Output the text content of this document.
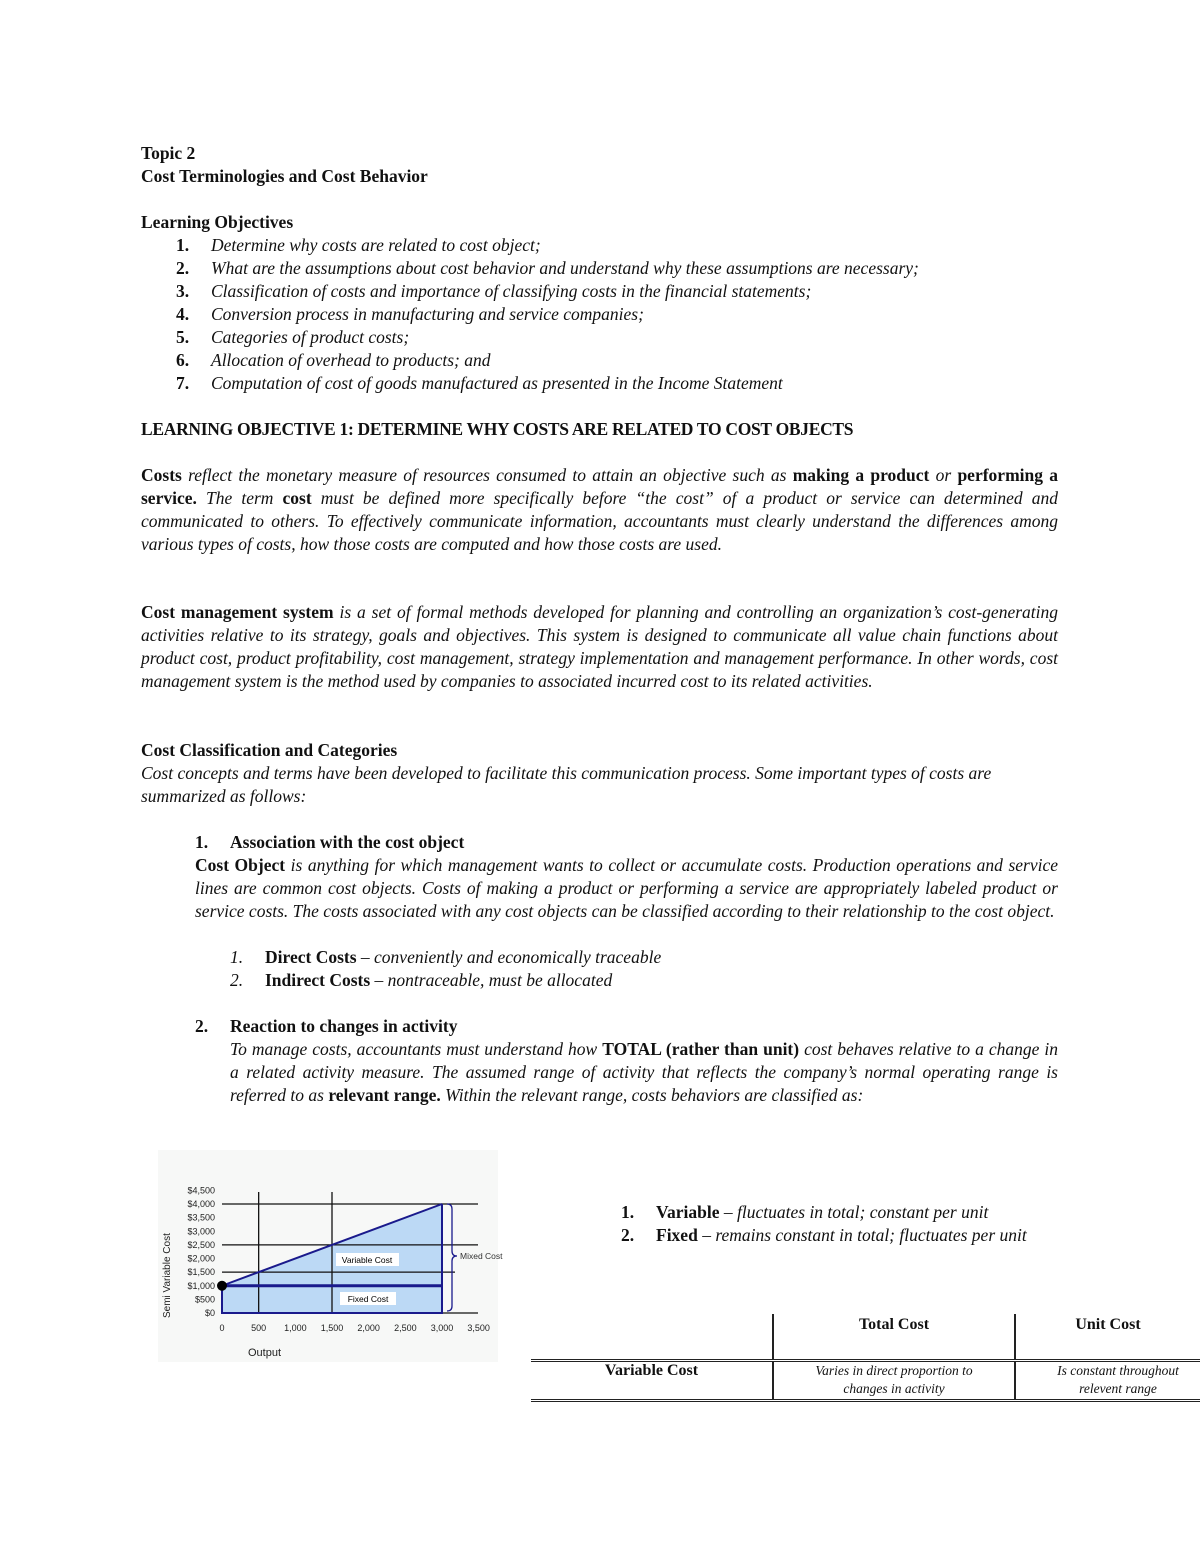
Topic 2
Cost Terminologies and Cost Behavior
Learning Objectives
1. Determine why costs are related to cost object;
2. What are the assumptions about cost behavior and understand why these assumptions are necessary;
3. Classification of costs and importance of classifying costs in the financial statements;
4. Conversion process in manufacturing and service companies;
5. Categories of product costs;
6. Allocation of overhead to products; and
7. Computation of cost of goods manufactured as presented in the Income Statement
LEARNING OBJECTIVE 1: DETERMINE WHY COSTS ARE RELATED TO COST OBJECTS
Costs reflect the monetary measure of resources consumed to attain an objective such as making a product or performing a service. The term cost must be defined more specifically before “the cost” of a product or service can determined and communicated to others. To effectively communicate information, accountants must clearly understand the differences among various types of costs, how those costs are computed and how those costs are used.
Cost management system is a set of formal methods developed for planning and controlling an organization’s cost-generating activities relative to its strategy, goals and objectives. This system is designed to communicate all value chain functions about product cost, product profitability, cost management, strategy implementation and management performance. In other words, cost management system is the method used by companies to associated incurred cost to its related activities.
Cost Classification and Categories
Cost concepts and terms have been developed to facilitate this communication process. Some important types of costs are summarized as follows:
1. Association with the cost object
Cost Object is anything for which management wants to collect or accumulate costs. Production operations and service lines are common cost objects. Costs of making a product or performing a service are appropriately labeled product or service costs. The costs associated with any cost objects can be classified according to their relationship to the cost object.
1. Direct Costs – conveniently and economically traceable
2. Indirect Costs – nontraceable, must be allocated
2. Reaction to changes in activity
To manage costs, accountants must understand how TOTAL (rather than unit) cost behaves relative to a change in a related activity measure. The assumed range of activity that reflects the company’s normal operating range is referred to as relevant range. Within the relevant range, costs behaviors are classified as:
1. Variable – fluctuates in total; constant per unit
2. Fixed – remains constant in total; fluctuates per unit
$0
$500
$1,000
$1,500
$2,000
$2,500
$3,000
$3,500
$4,000
$4,500
0	500 1,000 1,500 2,000 2,500 3,000 3,500
Output
Semi Variable Cost	Variable Cost
Fixed Cost
Mixed Cost
	Total Cost	Unit Cost
Variable Cost	Varies in direct proportion to changes in activity	Is constant throughout relevent range
